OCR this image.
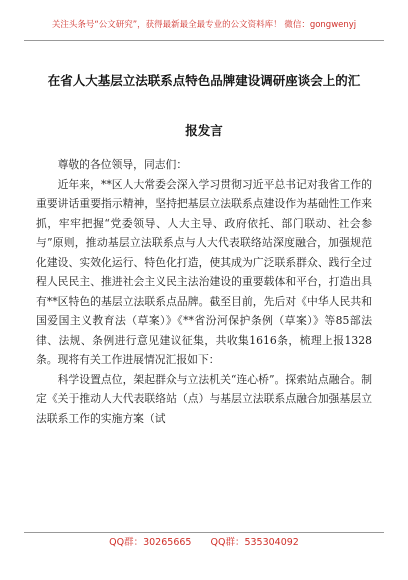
关注头条号“公文研究”，获得最新最全最专业的公文资料库！ 微信：gongwenyj
在省人大基层立法联系点特色品牌建设调研座谈会上的汇
报发言

尊敬的各位领导，同志们：

近年来，**区人大常委会深入学习贯彻习近平总书记对我省工作的重要讲话重要指示精神，坚持把基层立法联系点建设作为基础性工作来抓，牢牢把握“党委领导、人大主导、政府依托、部门联动、社会参与”原则，推动基层立法联系点与人大代表联络站深度融合，加强规范化建设、实效化运行、特色化打造，使其成为广泛联系群众、践行全过程人民民主、推进社会主义民主法治建设的重要载体和平台，打造出具有**区特色的基层立法联系点品牌。截至目前，先后对《中华人民共和国爱国主义教育法（草案）》《**省汾河保护条例（草案）》等85部法律、法规、条例进行意见建议征集，共收集1616条，梳理上报1328条。现将有关工作进展情况汇报如下：

科学设置点位，架起群众与立法机关“连心桥”。探索站点融合。制定《关于推动人大代表联络站（点）与基层立法联系点融合加强基层立法联系工作的实施方案（试

QQ群：30265665 QQ群：535304092
